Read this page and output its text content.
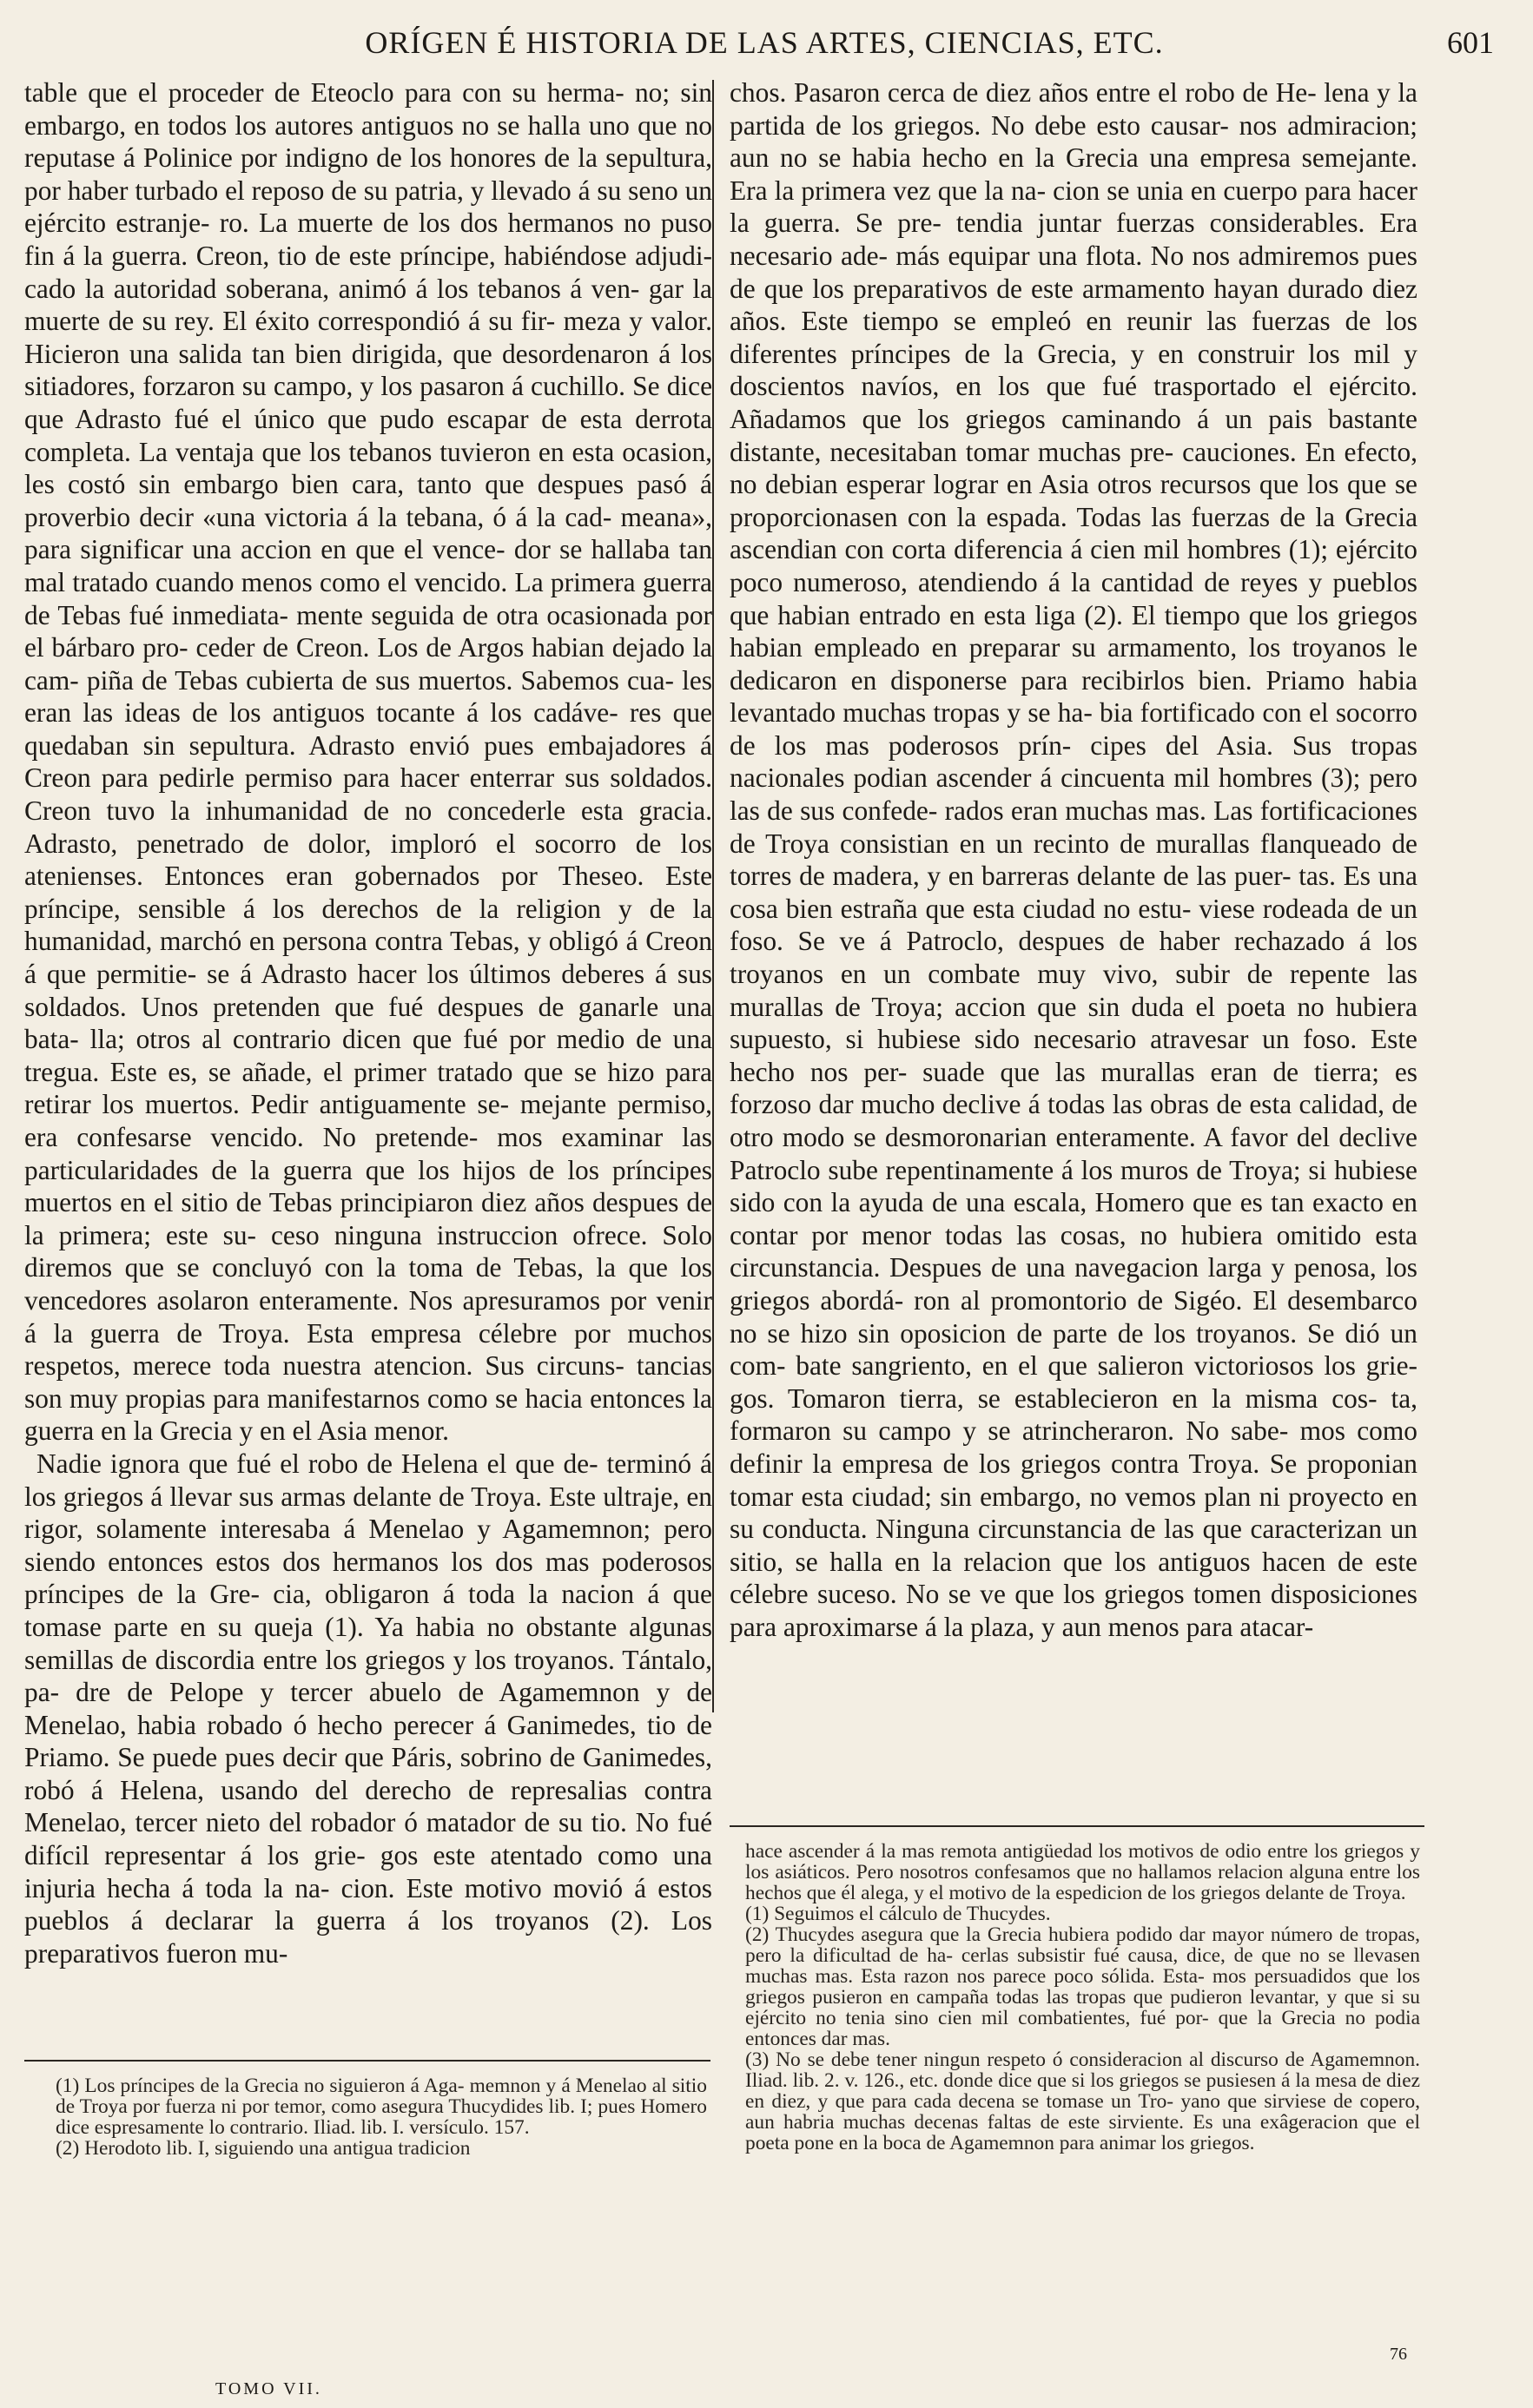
ORÍGEN É HISTORIA DE LAS ARTES, CIENCIAS, ETC.	601

table que el proceder de Eteoclo para con su herma- no; sin embargo, en todos los autores antiguos no se halla uno que no reputase á Polinice por indigno de los honores de la sepultura, por haber turbado el reposo de su patria, y llevado á su seno un ejército estranje- ro. La muerte de los dos hermanos no puso fin á la guerra. Creon, tio de este príncipe, habiéndose adjudi- cado la autoridad soberana, animó á los tebanos á ven- gar la muerte de su rey. El éxito correspondió á su fir- meza y valor. Hicieron una salida tan bien dirigida, que desordenaron á los sitiadores, forzaron su campo, y los pasaron á cuchillo. Se dice que Adrasto fué el único que pudo escapar de esta derrota completa. La ventaja que los tebanos tuvieron en esta ocasion, les costó sin embargo bien cara, tanto que despues pasó á proverbio decir «una victoria á la tebana, ó á la cad- meana», para significar una accion en que el vence- dor se hallaba tan mal tratado cuando menos como el vencido. La primera guerra de Tebas fué inmediata- mente seguida de otra ocasionada por el bárbaro pro- ceder de Creon. Los de Argos habian dejado la cam- piña de Tebas cubierta de sus muertos. Sabemos cua- les eran las ideas de los antiguos tocante á los cadáve- res que quedaban sin sepultura. Adrasto envió pues embajadores á Creon para pedirle permiso para hacer enterrar sus soldados. Creon tuvo la inhumanidad de no concederle esta gracia. Adrasto, penetrado de dolor, imploró el socorro de los atenienses. Entonces eran gobernados por Theseo. Este príncipe, sensible á los derechos de la religion y de la humanidad, marchó en persona contra Tebas, y obligó á Creon á que permitie- se á Adrasto hacer los últimos deberes á sus soldados. Unos pretenden que fué despues de ganarle una bata- lla; otros al contrario dicen que fué por medio de una tregua. Este es, se añade, el primer tratado que se hizo para retirar los muertos. Pedir antiguamente se- mejante permiso, era confesarse vencido. No pretende- mos examinar las particularidades de la guerra que los hijos de los príncipes muertos en el sitio de Tebas principiaron diez años despues de la primera; este su- ceso ninguna instruccion ofrece. Solo diremos que se concluyó con la toma de Tebas, la que los vencedores asolaron enteramente. Nos apresuramos por venir á la guerra de Troya. Esta empresa célebre por muchos respetos, merece toda nuestra atencion. Sus circuns- tancias son muy propias para manifestarnos como se hacia entonces la guerra en la Grecia y en el Asia menor.

Nadie ignora que fué el robo de Helena el que de- terminó á los griegos á llevar sus armas delante de Troya. Este ultraje, en rigor, solamente interesaba á Menelao y Agamemnon; pero siendo entonces estos dos hermanos los dos mas poderosos príncipes de la Gre- cia, obligaron á toda la nacion á que tomase parte en su queja (1). Ya habia no obstante algunas semillas de discordia entre los griegos y los troyanos. Tántalo, pa- dre de Pelope y tercer abuelo de Agamemnon y de Menelao, habia robado ó hecho perecer á Ganimedes, tio de Priamo. Se puede pues decir que Páris, sobrino de Ganimedes, robó á Helena, usando del derecho de represalias contra Menelao, tercer nieto del robador ó matador de su tio. No fué difícil representar á los grie- gos este atentado como una injuria hecha á toda la na- cion. Este motivo movió á estos pueblos á declarar la guerra á los troyanos (2). Los preparativos fueron mu-

chos. Pasaron cerca de diez años entre el robo de He- lena y la partida de los griegos. No debe esto causar- nos admiracion; aun no se habia hecho en la Grecia una empresa semejante. Era la primera vez que la na- cion se unia en cuerpo para hacer la guerra. Se pre- tendia juntar fuerzas considerables. Era necesario ade- más equipar una flota. No nos admiremos pues de que los preparativos de este armamento hayan durado diez años. Este tiempo se empleó en reunir las fuerzas de los diferentes príncipes de la Grecia, y en construir los mil y doscientos navíos, en los que fué trasportado el ejército. Añadamos que los griegos caminando á un pais bastante distante, necesitaban tomar muchas pre- cauciones. En efecto, no debian esperar lograr en Asia otros recursos que los que se proporcionasen con la espada. Todas las fuerzas de la Grecia ascendian con corta diferencia á cien mil hombres (1); ejército poco numeroso, atendiendo á la cantidad de reyes y pueblos que habian entrado en esta liga (2). El tiempo que los griegos habian empleado en preparar su armamento, los troyanos le dedicaron en disponerse para recibirlos bien. Priamo habia levantado muchas tropas y se ha- bia fortificado con el socorro de los mas poderosos prín- cipes del Asia. Sus tropas nacionales podian ascender á cincuenta mil hombres (3); pero las de sus confede- rados eran muchas mas. Las fortificaciones de Troya consistian en un recinto de murallas flanqueado de torres de madera, y en barreras delante de las puer- tas. Es una cosa bien estraña que esta ciudad no estu- viese rodeada de un foso. Se ve á Patroclo, despues de haber rechazado á los troyanos en un combate muy vivo, subir de repente las murallas de Troya; accion que sin duda el poeta no hubiera supuesto, si hubiese sido necesario atravesar un foso. Este hecho nos per- suade que las murallas eran de tierra; es forzoso dar mucho declive á todas las obras de esta calidad, de otro modo se desmoronarian enteramente. A favor del declive Patroclo sube repentinamente á los muros de Troya; si hubiese sido con la ayuda de una escala, Homero que es tan exacto en contar por menor todas las cosas, no hubiera omitido esta circunstancia. Despues de una navegacion larga y penosa, los griegos abordá- ron al promontorio de Sigéo. El desembarco no se hizo sin oposicion de parte de los troyanos. Se dió un com- bate sangriento, en el que salieron victoriosos los grie- gos. Tomaron tierra, se establecieron en la misma cos- ta, formaron su campo y se atrincheraron. No sabe- mos como definir la empresa de los griegos contra Troya. Se proponian tomar esta ciudad; sin embargo, no vemos plan ni proyecto en su conducta. Ninguna circunstancia de las que caracterizan un sitio, se halla en la relacion que los antiguos hacen de este célebre suceso. No se ve que los griegos tomen disposiciones para aproximarse á la plaza, y aun menos para atacar-

(1) Los príncipes de la Grecia no siguieron á Aga- memnon y á Menelao al sitio de Troya por fuerza ni por temor, como asegura Thucydides lib. I; pues Homero dice espresamente lo contrario. Iliad. lib. I. versículo. 157.

(2) Herodoto lib. I, siguiendo una antigua tradicion

hace ascender á la mas remota antigüedad los motivos de odio entre los griegos y los asiáticos. Pero nosotros confesamos que no hallamos relacion alguna entre los hechos que él alega, y el motivo de la espedicion de los griegos delante de Troya.

(1) Seguimos el cálculo de Thucydes.

(2) Thucydes asegura que la Grecia hubiera podido dar mayor número de tropas, pero la dificultad de ha- cerlas subsistir fué causa, dice, de que no se llevasen muchas mas. Esta razon nos parece poco sólida. Esta- mos persuadidos que los griegos pusieron en campaña todas las tropas que pudieron levantar, y que si su ejército no tenia sino cien mil combatientes, fué por- que la Grecia no podia entonces dar mas.

(3) No se debe tener ningun respeto ó consideracion al discurso de Agamemnon. Iliad. lib. 2. v. 126., etc. donde dice que si los griegos se pusiesen á la mesa de diez en diez, y que para cada decena se tomase un Tro- yano que sirviese de copero, aun habria muchas decenas faltas de este sirviente. Es una exâgeracion que el poeta pone en la boca de Agamemnon para animar los griegos.

TOMO VII.
76
